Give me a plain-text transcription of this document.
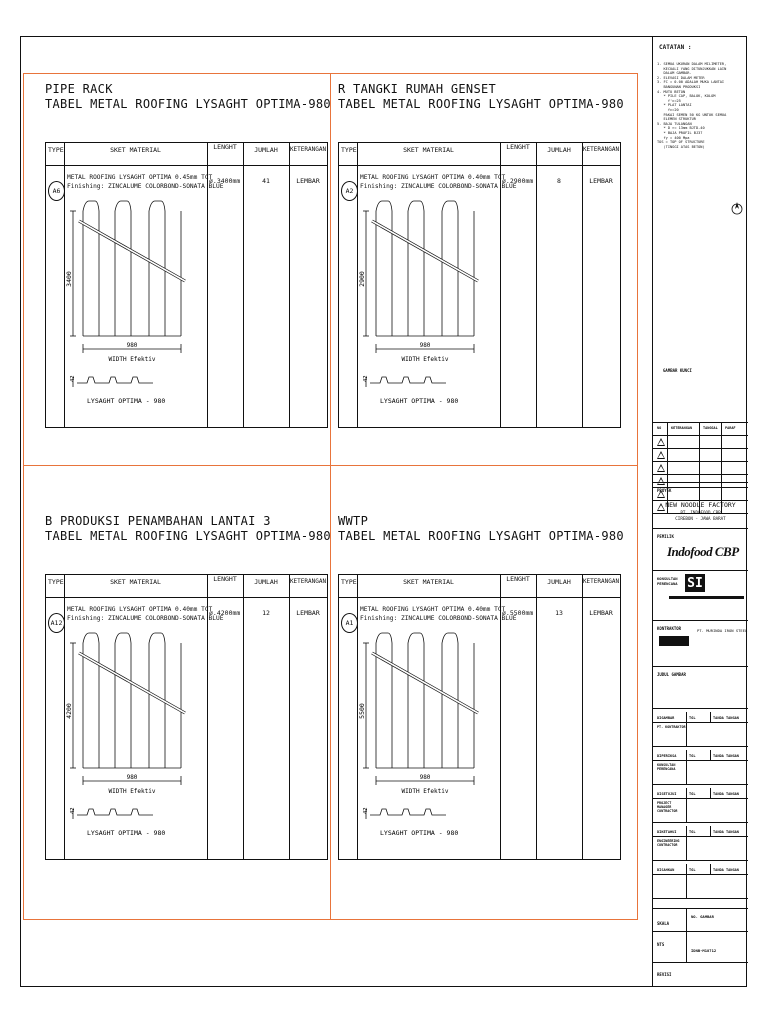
PIPE RACK
TABEL METAL ROOFING LYSAGHT OPTIMA-980
TYPE	SKET MATERIAL	LENGHT	JUMLAH	KETERANGAN
A6
METAL ROOFING LYSAGHT OPTIMA 0.45mm TCT
Finishing: ZINCALUME COLORBOND-SONATA BLUE
ø.3400mm	41	LEMBAR
3400
980
WIDTH Efektiv
42
LYSAGHT OPTIMA - 980
R TANGKI RUMAH GENSET
TABEL METAL ROOFING LYSAGHT OPTIMA-980
TYPE	SKET MATERIAL	LENGHT	JUMLAH	KETERANGAN
A2
METAL ROOFING LYSAGHT OPTIMA 0.40mm TCT
Finishing: ZINCALUME COLORBOND-SONATA BLUE
ø.2900mm	8	LEMBAR
2900
980
WIDTH Efektiv
42
LYSAGHT OPTIMA - 980
B PRODUKSI PENAMBAHAN LANTAI 3
TABEL METAL ROOFING LYSAGHT OPTIMA-980
TYPE	SKET MATERIAL	LENGHT	JUMLAH	KETERANGAN
A12
METAL ROOFING LYSAGHT OPTIMA 0.40mm TCT
Finishing: ZINCALUME COLORBOND-SONATA BLUE
ø.4200mm	12	LEMBAR
4200
980
WIDTH Efektiv
42
LYSAGHT OPTIMA - 980
WWTP
TABEL METAL ROOFING LYSAGHT OPTIMA-980
TYPE	SKET MATERIAL	LENGHT	JUMLAH	KETERANGAN
A1
METAL ROOFING LYSAGHT OPTIMA 0.40mm TCT
Finishing: ZINCALUME COLORBOND-SONATA BLUE
ø.5500mm	13	LEMBAR
5500
980
WIDTH Efektiv
42
LYSAGHT OPTIMA - 980
CATATAN :
1. SEMUA UKURAN DALAM MILIMETER,
KECUALI YANG DITUNJUKKAN LAIN
DALAM GAMBAR.
2. ELEVASI DALAM METER
3. FC = 0.00 ADALAH MUKA LANTAI
BANGUNAN PRODUKSI
4. MUTU BETON
* PILE CAP, BALOK, KOLOM
f'c=25
* PLAT LANTAI
fc=20
PAKAI SEMEN 50 KG UNTUK SEMUA
ELEMEN STRUKTUR
5. BAJA TULANGAN
* D >= 13mm BJTD-40
* BAJA PROFIL BJ37
fy = 400 Mpa
TOS = TOP OF STRUCTURE
(TINGGI ATAS BETON)
GAMBAR KUNCI
NO	KETERANGAN	TANGGAL PARAF
PROYEK
NEW NOODLE FACTORY
PT. INDOFOOD CBP
CIREBON - JAWA BARAT
PEMILIK
Indofood CBP
KONSULTAN PERENCANA SI
KONTRAKTOR	PT. MURINDA IRON STEEL
JUDUL GAMBAR
DIGAMBAR	TGL	TANDA TANGAN
PT. KONTRAKTOR
DIPERIKSA	TGL	TANDA TANGAN
KONSULTAN PERENCANA
DISETUJUI	TGL	TANDA TANGAN
PROJECT MANAGER CONTRACTOR
DIKETAHUI	TGL	TANDA TANGAN
ENGINEERING CONTRACTOR
DISAHKAN	TGL	TANDA TANGAN
SKALA
NO. GAMBAR
NTS
IDNB-M18712
REVISI
